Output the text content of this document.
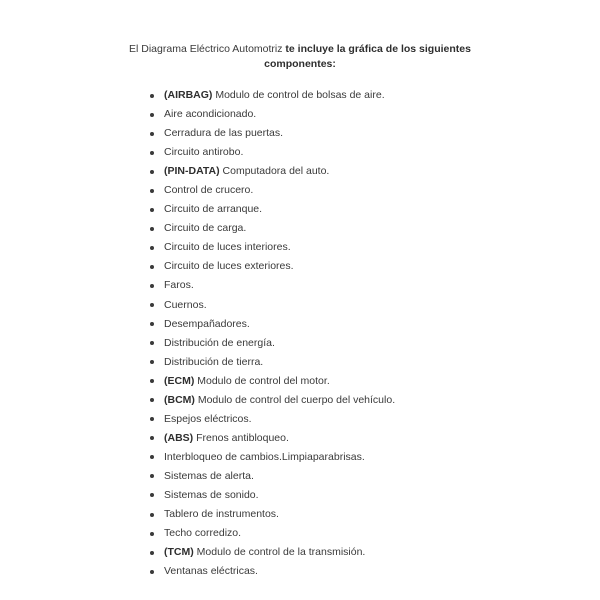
El Diagrama Eléctrico Automotriz te incluye la gráfica de los siguientes
componentes:
(AIRBAG) Modulo de control de bolsas de aire.
Aire acondicionado.
Cerradura de las puertas.
Circuito antirobo.
(PIN-DATA) Computadora del auto.
Control de crucero.
Circuito de arranque.
Circuito de carga.
Circuito de luces interiores.
Circuito de luces exteriores.
Faros.
Cuernos.
Desempañadores.
Distribución de energía.
Distribución de tierra.
(ECM) Modulo de control del motor.
(BCM) Modulo de control del cuerpo del vehículo.
Espejos eléctricos.
(ABS) Frenos antibloqueo.
Interbloqueo de cambios.Limpiaparabrisas.
Sistemas de alerta.
Sistemas de sonido.
Tablero de instrumentos.
Techo corredizo.
(TCM) Modulo de control de la transmisión.
Ventanas eléctricas.
